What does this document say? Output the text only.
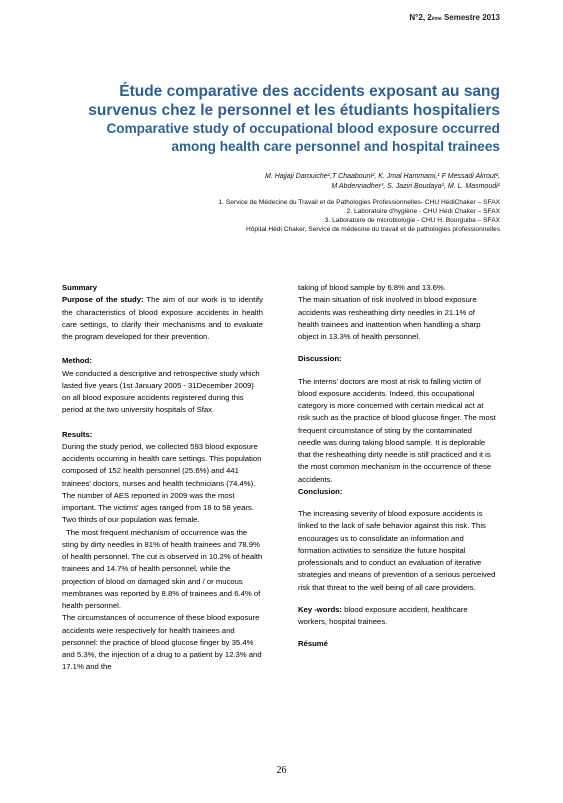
N°2, 2ème Semestre 2013
Étude comparative des accidents exposant au sang
survenus chez le personnel et les étudiants hospitaliers
Comparative study of occupational blood exposure occurred
among health care personnel and hospital trainees
M. Hajjaji Darouiche¹,T Chaabouni², K. Jmal Hammami,¹ F Messadi Akrout²,
M Abdennadher³, S. Jaziri Boudaya¹, M. L. Masmoudi¹
1. Service de Médecine du Travail et de Pathologies Professionnelles- CHU HédiChaker – SFAX
2. Laboratoire d'hygiène - CHU Hédi Chaker – SFAX
3. Laboratoire de microbiologie - CHU H. Bourguiba – SFAX
Hôpital Hédi Chaker, Service de médecine du travail et de pathologies professionnelles

Summary

Purpose of the study: The aim of our work is to identify the characteristics of blood exposure accidents in health care settings, to clarify their mechanisms and to evaluate the program developed for their prevention.

Method:

We conducted a descriptive and retrospective study which lasted five years (1st January 2005 - 31December 2009) on all blood exposure accidents registered during this period at the two university hospitals of Sfax.

Results:

During the study period, we collected 593 blood exposure accidents occurring in health care settings. This population composed of 152 health personnel (25.6%) and 441 trainees' doctors, nurses and health technicians (74.4%). The number of AES reported in 2009 was the most important. The victims' ages ranged from 18 to 58 years. Two thirds of our population was female.

The most frequent mechanism of occurrence was the sting by dirty needles in 81% of health trainees and 78.9% of health personnel. The cut is observed in 10.2% of health trainees and 14.7% of health personnel, while the projection of blood on damaged skin and / or mucous membranes was reported by 8.8% of trainees and 6.4% of health personnel.

The circumstances of occurrence of these blood exposure accidents were respectively for health trainees and personnel: the practice of blood glucose finger by 35.4% and 5.3%, the injection of a drug to a patient by 12.3% and 17.1% and the

taking of blood sample by 6.8% and 13.6%.

The main situation of risk involved in blood exposure accidents was resheathing dirty needles in 21.1% of health trainees and inattention when handling a sharp object in 13.3% of health personnel.

Discussion:

The interns' doctors are most at risk to falling victim of blood exposure accidents. Indeed, this occupational category is more concerned with certain medical act at risk such as the practice of blood glucose finger. The most frequent circumstance of sting by the contaminated needle was during taking blood sample. It is deplorable that the resheathing dirty needle is still practiced and it is the most common mechanism in the occurrence of these accidents.

Conclusion:

The increasing severity of blood exposure accidents is linked to the lack of safe behavior against this risk. This encourages us to consolidate an information and formation activities to sensitize the future hospital professionals and to conduct an evaluation of iterative strategies and means of prevention of a serious perceived risk that threat to the well being of all care providers.

Key -words: blood exposure accident, healthcare workers, hospital trainees.

Résumé

26
